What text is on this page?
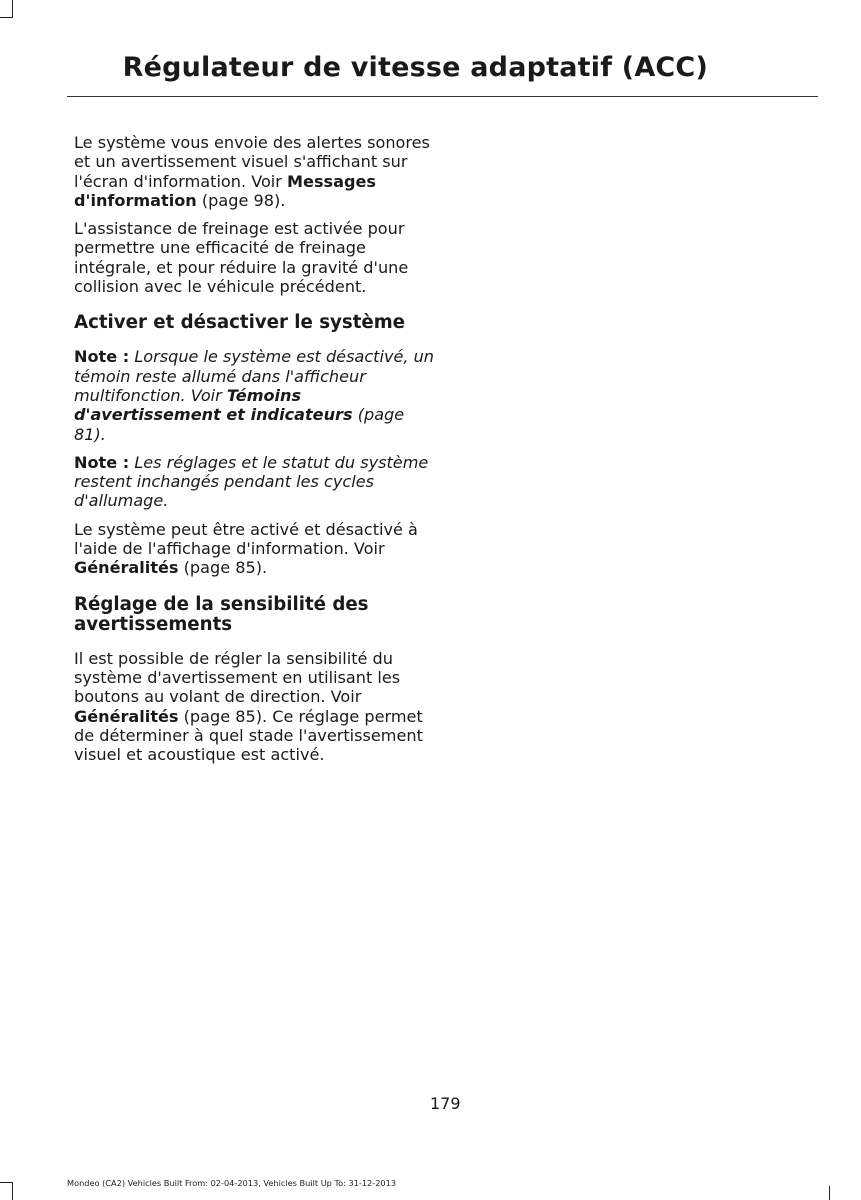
Régulateur de vitesse adaptatif (ACC)

Le système vous envoie des alertes sonores et un avertissement visuel s'affichant sur l'écran d'information. Voir Messages d'information (page 98).

L'assistance de freinage est activée pour permettre une efficacité de freinage intégrale, et pour réduire la gravité d'une collision avec le véhicule précédent.

Activer et désactiver le système

Note : Lorsque le système est désactivé, un témoin reste allumé dans l'afficheur multifonction. Voir Témoins d'avertissement et indicateurs (page 81).

Note : Les réglages et le statut du système restent inchangés pendant les cycles d'allumage.

Le système peut être activé et désactivé à l'aide de l'affichage d'information. Voir Généralités (page 85).

Réglage de la sensibilité des avertissements

Il est possible de régler la sensibilité du système d'avertissement en utilisant les boutons au volant de direction. Voir Généralités (page 85). Ce réglage permet de déterminer à quel stade l'avertissement visuel et acoustique est activé.

179
Mondeo (CA2) Vehicles Built From: 02-04-2013, Vehicles Built Up To: 31-12-2013
